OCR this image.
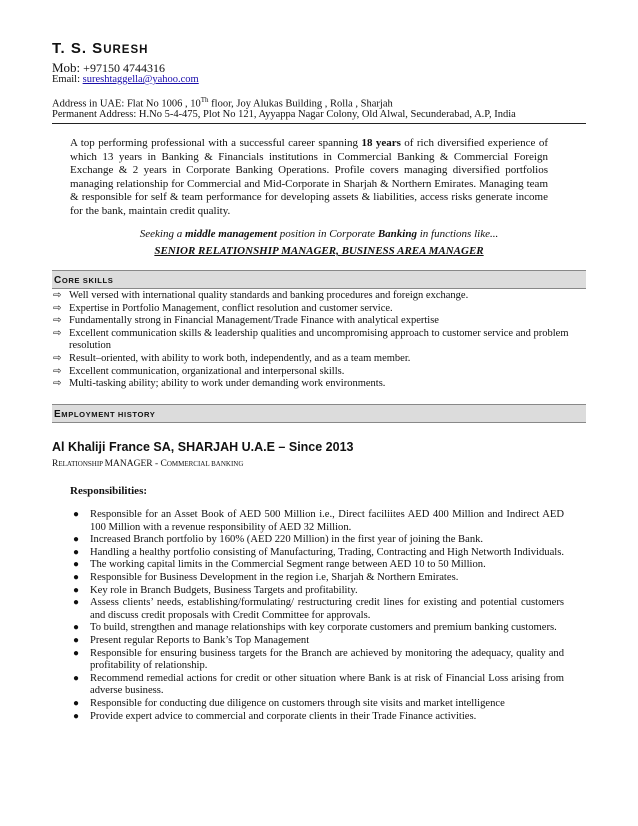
T. S. SURESH
Mob: +97150 4744316
Email: sureshtaggella@yahoo.com
Address in UAE: Flat No 1006 , 10Th floor, Joy Alukas Building , Rolla , Sharjah
Permanent Address: H.No 5-4-475, Plot No 121, Ayyappa Nagar Colony, Old Alwal, Secunderabad, A.P, India
A top performing professional with a successful career spanning 18 years of rich diversified experience of which 13 years in Banking & Financials institutions in Commercial Banking & Commercial Foreign Exchange & 2 years in Corporate Banking Operations. Profile covers managing diversified portfolios managing relationship for Commercial and Mid-Corporate in Sharjah & Northern Emirates. Managing team & responsible for self & team performance for developing assets & liabilities, access risks generate income for the bank, maintain credit quality.
Seeking a middle management position in Corporate Banking in functions like...
SENIOR RELATIONSHIP MANAGER, BUSINESS AREA MANAGER
CORE SKILLS
⇨ Well versed with international quality standards and banking procedures and foreign exchange.
⇨ Expertise in Portfolio Management, conflict resolution and customer service.
⇨ Fundamentally strong in Financial Management/Trade Finance with analytical expertise
⇨ Excellent communication skills & leadership qualities and uncompromising approach to customer service and problem resolution
⇨ Result–oriented, with ability to work both, independently, and as a team member.
⇨ Excellent communication, organizational and interpersonal skills.
⇨ Multi-tasking ability; ability to work under demanding work environments.
EMPLOYMENT HISTORY
Al Khaliji France SA, SHARJAH U.A.E – Since 2013
RELATIONSHIP MANAGER - COMMERCIAL BANKING
Responsibilities:
● Responsible for an Asset Book of AED 500 Million i.e., Direct faciliites AED 400 Million and Indirect AED 100 Million with a revenue responsibility of AED 32 Million.
● Increased Branch portfolio by 160% (AED 220 Million) in the first year of joining the Bank.
● Handling a healthy portfolio consisting of Manufacturing, Trading, Contracting and High Networth Individuals.
● The working capital limits in the Commercial Segment range between AED 10 to 50 Million.
● Responsible for Business Development in the region i.e, Sharjah & Northern Emirates.
● Key role in Branch Budgets, Business Targets and profitability.
● Assess clients’ needs, establishing/formulating/ restructuring credit lines for existing and potential customers and discuss credit proposals with Credit Committee for approvals.
● To build, strengthen and manage relationships with key corporate customers and premium banking customers.
● Present regular Reports to Bank’s Top Management
● Responsible for ensuring business targets for the Branch are achieved by monitoring the adequacy, quality and profitability of relationship.
● Recommend remedial actions for credit or other situation where Bank is at risk of Financial Loss arising from adverse business.
● Responsible for conducting due diligence on customers through site visits and market intelligence
● Provide expert advice to commercial and corporate clients in their Trade Finance activities.
